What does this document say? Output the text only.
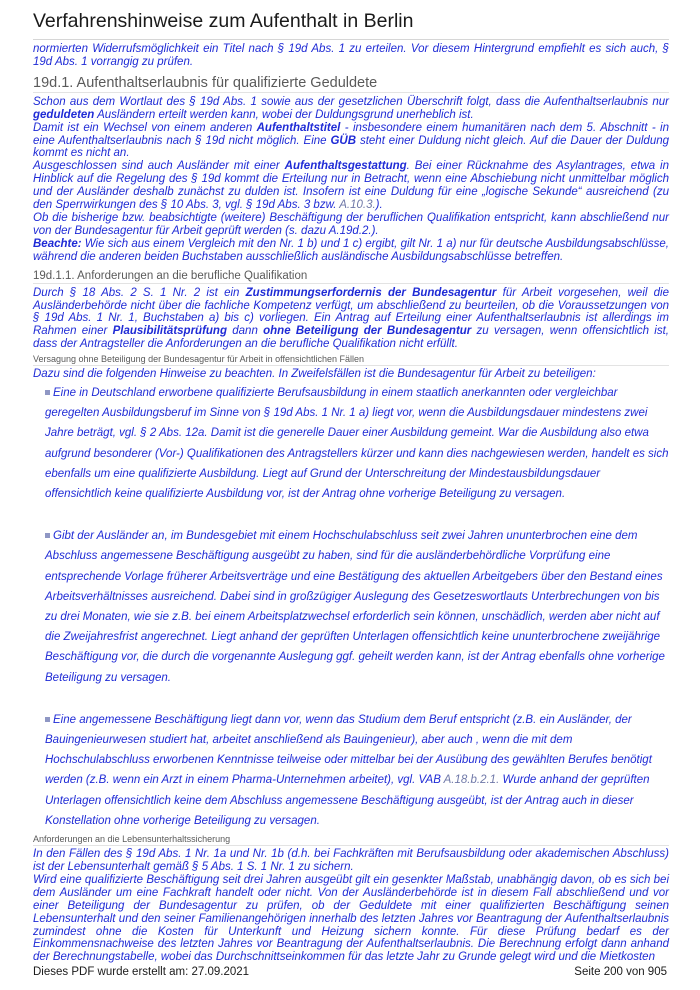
Verfahrenshinweise zum Aufenthalt in Berlin

normierten Widerrufsmöglichkeit ein Titel nach § 19d Abs. 1 zu erteilen. Vor diesem Hintergrund empfiehlt es sich auch, § 19d Abs. 1 vorrangig zu prüfen.

19d.1. Aufenthaltserlaubnis für qualifizierte Geduldete

Schon aus dem Wortlaut des § 19d Abs. 1 sowie aus der gesetzlichen Überschrift folgt, dass die Aufenthaltserlaubnis nur geduldeten Ausländern erteilt werden kann, wobei der Duldungsgrund unerheblich ist.

Damit ist ein Wechsel von einem anderen Aufenthaltstitel - insbesondere einem humanitären nach dem 5. Abschnitt - in eine Aufenthaltserlaubnis nach § 19d nicht möglich. Eine GÜB steht einer Duldung nicht gleich. Auf die Dauer der Duldung kommt es nicht an.

Ausgeschlossen sind auch Ausländer mit einer Aufenthaltsgestattung. Bei einer Rücknahme des Asylantrages, etwa in Hinblick auf die Regelung des § 19d kommt die Erteilung nur in Betracht, wenn eine Abschiebung nicht unmittelbar möglich und der Ausländer deshalb zunächst zu dulden ist. Insofern ist eine Duldung für eine „logische Sekunde“ ausreichend (zu den Sperrwirkungen des § 10 Abs. 3, vgl. § 19d Abs. 3 bzw. A.10.3.).

Ob die bisherige bzw. beabsichtigte (weitere) Beschäftigung der beruflichen Qualifikation entspricht, kann abschließend nur von der Bundesagentur für Arbeit geprüft werden (s. dazu A.19d.2.).

Beachte: Wie sich aus einem Vergleich mit den Nr. 1 b) und 1 c) ergibt, gilt Nr. 1 a) nur für deutsche Ausbildungsabschlüsse, während die anderen beiden Buchstaben ausschließlich ausländische Ausbildungsabschlüsse betreffen.

19d.1.1. Anforderungen an die berufliche Qualifikation

Durch § 18 Abs. 2 S. 1 Nr. 2 ist ein Zustimmungserfordernis der Bundesagentur für Arbeit vorgesehen, weil die Ausländerbehörde nicht über die fachliche Kompetenz verfügt, um abschließend zu beurteilen, ob die Voraussetzungen von § 19d Abs. 1 Nr. 1, Buchstaben a) bis c) vorliegen. Ein Antrag auf Erteilung einer Aufenthaltserlaubnis ist allerdings im Rahmen einer Plausibilitätsprüfung dann ohne Beteiligung der Bundesagentur zu versagen, wenn offensichtlich ist, dass der Antragsteller die Anforderungen an die berufliche Qualifikation nicht erfüllt.

Versagung ohne Beteiligung der Bundesagentur für Arbeit in offensichtlichen Fällen

Dazu sind die folgenden Hinweise zu beachten. In Zweifelsfällen ist die Bundesagentur für Arbeit zu beteiligen:

Eine in Deutschland erworbene qualifizierte Berufsausbildung in einem staatlich anerkannten oder vergleichbar geregelten Ausbildungsberuf im Sinne von § 19d Abs. 1 Nr. 1 a) liegt vor, wenn die Ausbildungsdauer mindestens zwei Jahre beträgt, vgl. § 2 Abs. 12a. Damit ist die generelle Dauer einer Ausbildung gemeint. War die Ausbildung also etwa aufgrund besonderer (Vor-) Qualifikationen des Antragstellers kürzer und kann dies nachgewiesen werden, handelt es sich ebenfalls um eine qualifizierte Ausbildung. Liegt auf Grund der Unterschreitung der Mindestausbildungsdauer offensichtlich keine qualifizierte Ausbildung vor, ist der Antrag ohne vorherige Beteiligung zu versagen.

Gibt der Ausländer an, im Bundesgebiet mit einem Hochschulabschluss seit zwei Jahren ununterbrochen eine dem Abschluss angemessene Beschäftigung ausgeübt zu haben, sind für die ausländerbehördliche Vorprüfung eine entsprechende Vorlage früherer Arbeitsverträge und eine Bestätigung des aktuellen Arbeitgebers über den Bestand eines Arbeitsverhältnisses ausreichend. Dabei sind in großzügiger Auslegung des Gesetzeswortlauts Unterbrechungen von bis zu drei Monaten, wie sie z.B. bei einem Arbeitsplatzwechsel erforderlich sein können, unschädlich, werden aber nicht auf die Zweijahresfrist angerechnet. Liegt anhand der geprüften Unterlagen offensichtlich keine ununterbrochene zweijährige Beschäftigung vor, die durch die vorgenannte Auslegung ggf. geheilt werden kann, ist der Antrag ebenfalls ohne vorherige Beteiligung zu versagen.

Eine angemessene Beschäftigung liegt dann vor, wenn das Studium dem Beruf entspricht (z.B. ein Ausländer, der Bauingenieurwesen studiert hat, arbeitet anschließend als Bauingenieur), aber auch , wenn die mit dem Hochschulabschluss erworbenen Kenntnisse teilweise oder mittelbar bei der Ausübung des gewählten Berufes benötigt werden (z.B. wenn ein Arzt in einem Pharma-Unternehmen arbeitet), vgl. VAB A.18.b.2.1. Wurde anhand der geprüften Unterlagen offensichtlich keine dem Abschluss angemessene Beschäftigung ausgeübt, ist der Antrag auch in dieser Konstellation ohne vorherige Beteiligung zu versagen.

Anforderungen an die Lebensunterhaltssicherung

In den Fällen des § 19d Abs. 1 Nr. 1a und Nr. 1b (d.h. bei Fachkräften mit Berufsausbildung oder akademischen Abschluss) ist der Lebensunterhalt gemäß § 5 Abs. 1 S. 1 Nr. 1 zu sichern.

Wird eine qualifizierte Beschäftigung seit drei Jahren ausgeübt gilt ein gesenkter Maßstab, unabhängig davon, ob es sich bei dem Ausländer um eine Fachkraft handelt oder nicht. Von der Ausländerbehörde ist in diesem Fall abschließend und vor einer Beteiligung der Bundesagentur zu prüfen, ob der Geduldete mit einer qualifizierten Beschäftigung seinen Lebensunterhalt und den seiner Familienangehörigen innerhalb des letzten Jahres vor Beantragung der Aufenthaltserlaubnis zumindest ohne die Kosten für Unterkunft und Heizung sichern konnte. Für diese Prüfung bedarf es der Einkommensnachweise des letzten Jahres vor Beantragung der Aufenthaltserlaubnis. Die Berechnung erfolgt dann anhand der Berechnungstabelle, wobei das Durchschnittseinkommen für das letzte Jahr zu Grunde gelegt wird und die Mietkosten

Dieses PDF wurde erstellt am: 27.09.2021	Seite 200 von 905
